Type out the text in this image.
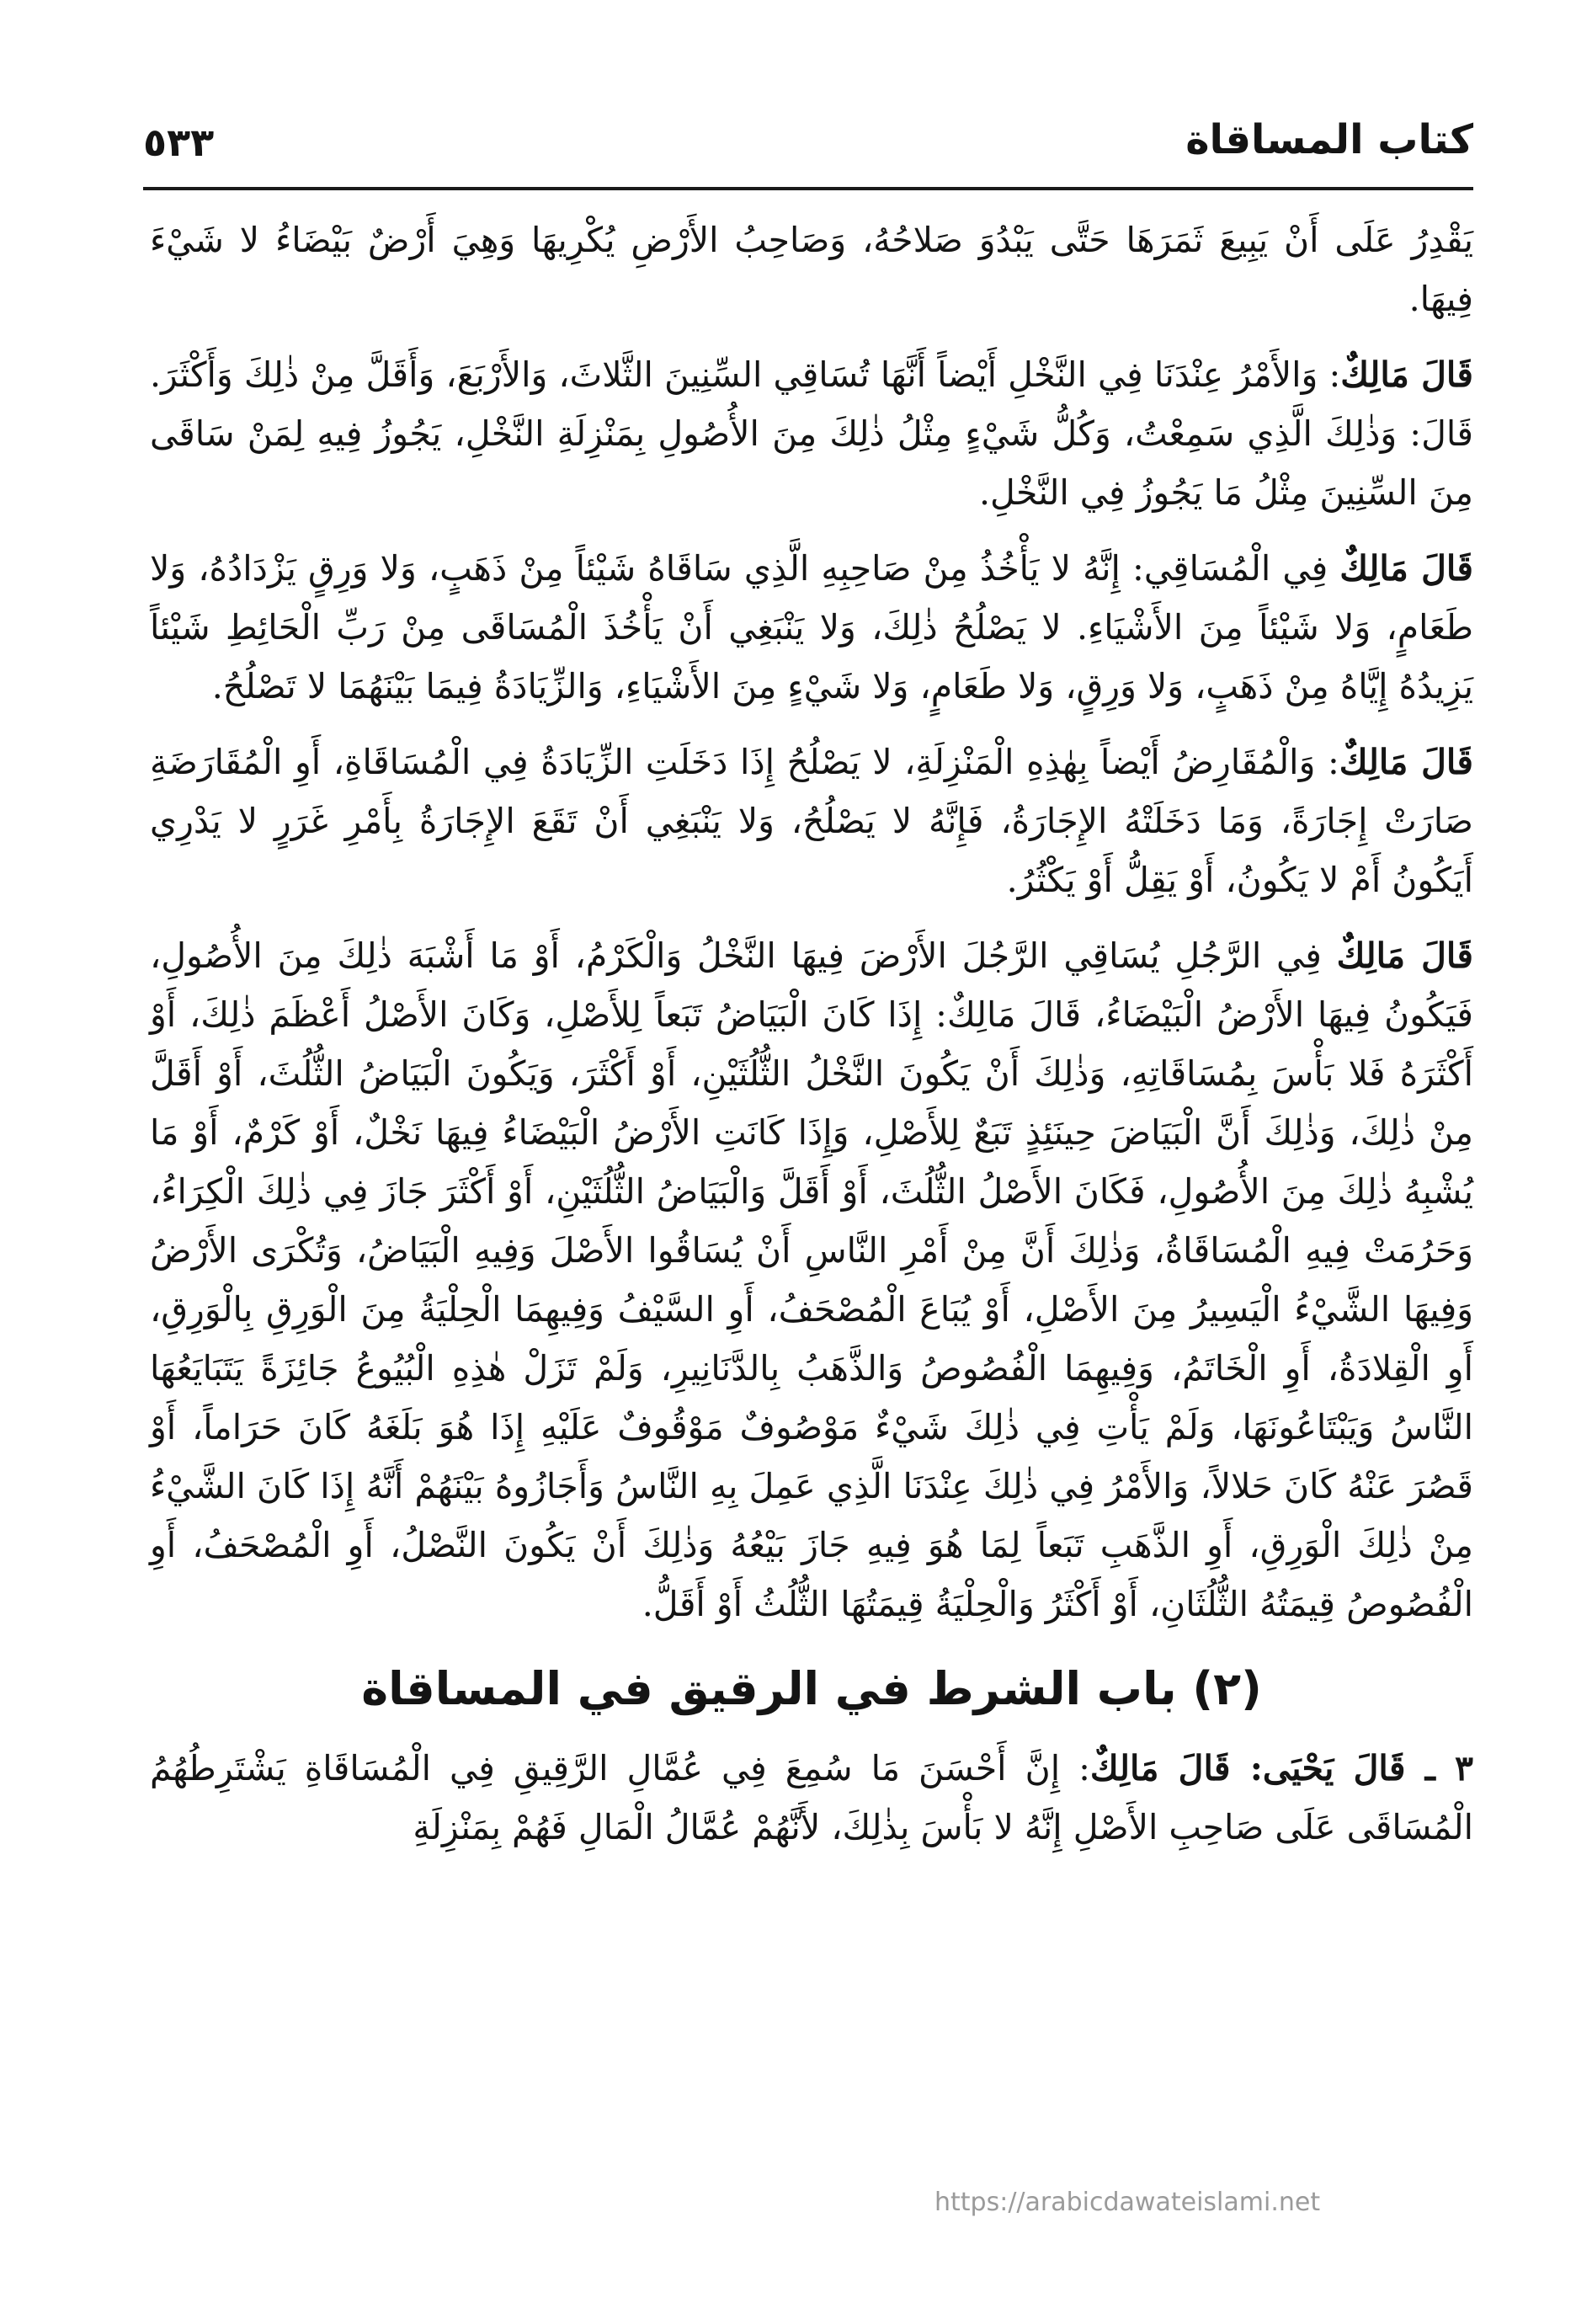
كتاب المساقاة
٥٣٣

يَقْدِرُ عَلَى أَنْ يَبِيعَ ثَمَرَهَا حَتَّى يَبْدُوَ صَلاحُهُ، وَصَاحِبُ الأَرْضِ يُكْرِيهَا وَهِيَ أَرْضٌ بَيْضَاءُ لا شَيْءَ فِيهَا.

قَالَ مَالِكٌ: وَالأَمْرُ عِنْدَنَا فِي النَّخْلِ أَيْضاً أَنَّهَا تُسَاقِي السِّنِينَ الثَّلاثَ، وَالأَرْبَعَ، وَأَقَلَّ مِنْ ذٰلِكَ وَأَكْثَرَ. قَالَ: وَذٰلِكَ الَّذِي سَمِعْتُ، وَكُلُّ شَيْءٍ مِثْلُ ذٰلِكَ مِنَ الأُصُولِ بِمَنْزِلَةِ النَّخْلِ، يَجُوزُ فِيهِ لِمَنْ سَاقَى مِنَ السِّنِينَ مِثْلُ مَا يَجُوزُ فِي النَّخْلِ.

قَالَ مَالِكٌ فِي الْمُسَاقِي: إِنَّهُ لا يَأْخُذُ مِنْ صَاحِبِهِ الَّذِي سَاقَاهُ شَيْئاً مِنْ ذَهَبٍ، وَلا وَرِقٍ يَزْدَادُهُ، وَلا طَعَامٍ، وَلا شَيْئاً مِنَ الأَشْيَاءِ. لا يَصْلُحُ ذٰلِكَ، وَلا يَنْبَغِي أَنْ يَأْخُذَ الْمُسَاقَى مِنْ رَبِّ الْحَائِطِ شَيْئاً يَزِيدُهُ إِيَّاهُ مِنْ ذَهَبٍ، وَلا وَرِقٍ، وَلا طَعَامٍ، وَلا شَيْءٍ مِنَ الأَشْيَاءِ، وَالزِّيَادَةُ فِيمَا بَيْنَهُمَا لا تَصْلُحُ.

قَالَ مَالِكٌ: وَالْمُقَارِضُ أَيْضاً بِهٰذِهِ الْمَنْزِلَةِ، لا يَصْلُحُ إِذَا دَخَلَتِ الزِّيَادَةُ فِي الْمُسَاقَاةِ، أَوِ الْمُقَارَضَةِ صَارَتْ إِجَارَةً، وَمَا دَخَلَتْهُ الإِجَارَةُ، فَإِنَّهُ لا يَصْلُحُ، وَلا يَنْبَغِي أَنْ تَقَعَ الإِجَارَةُ بِأَمْرِ غَرَرٍ لا يَدْرِي أَيَكُونُ أَمْ لا يَكُونُ، أَوْ يَقِلُّ أَوْ يَكْثُرُ.

قَالَ مَالِكٌ فِي الرَّجُلِ يُسَاقِي الرَّجُلَ الأَرْضَ فِيهَا النَّخْلُ وَالْكَرْمُ، أَوْ مَا أَشْبَهَ ذٰلِكَ مِنَ الأُصُولِ، فَيَكُونُ فِيهَا الأَرْضُ الْبَيْضَاءُ، قَالَ مَالِكٌ: إِذَا كَانَ الْبَيَاضُ تَبَعاً لِلأَصْلِ، وَكَانَ الأَصْلُ أَعْظَمَ ذٰلِكَ، أَوْ أَكْثَرَهُ فَلا بَأْسَ بِمُسَاقَاتِهِ، وَذٰلِكَ أَنْ يَكُونَ النَّخْلُ الثُّلُثَيْنِ، أَوْ أَكْثَرَ، وَيَكُونَ الْبَيَاضُ الثُّلُثَ، أَوْ أَقَلَّ مِنْ ذٰلِكَ، وَذٰلِكَ أَنَّ الْبَيَاضَ حِينَئِذٍ تَبَعٌ لِلأَصْلِ، وَإِذَا كَانَتِ الأَرْضُ الْبَيْضَاءُ فِيهَا نَخْلٌ، أَوْ كَرْمٌ، أَوْ مَا يُشْبِهُ ذٰلِكَ مِنَ الأُصُولِ، فَكَانَ الأَصْلُ الثُّلُثَ، أَوْ أَقَلَّ وَالْبَيَاضُ الثُّلُثَيْنِ، أَوْ أَكْثَرَ جَازَ فِي ذٰلِكَ الْكِرَاءُ، وَحَرُمَتْ فِيهِ الْمُسَاقَاةُ، وَذٰلِكَ أَنَّ مِنْ أَمْرِ النَّاسِ أَنْ يُسَاقُوا الأَصْلَ وَفِيهِ الْبَيَاضُ، وَتُكْرَى الأَرْضُ وَفِيهَا الشَّيْءُ الْيَسِيرُ مِنَ الأَصْلِ، أَوْ يُبَاعَ الْمُصْحَفُ، أَوِ السَّيْفُ وَفِيهِمَا الْحِلْيَةُ مِنَ الْوَرِقِ بِالْوَرِقِ، أَوِ الْقِلادَةُ، أَوِ الْخَاتَمُ، وَفِيهِمَا الْفُصُوصُ وَالذَّهَبُ بِالدَّنَانِيرِ، وَلَمْ تَزَلْ هٰذِهِ الْبُيُوعُ جَائِزَةً يَتَبَايَعُهَا النَّاسُ وَيَبْتَاعُونَهَا، وَلَمْ يَأْتِ فِي ذٰلِكَ شَيْءٌ مَوْصُوفٌ مَوْقُوفٌ عَلَيْهِ إِذَا هُوَ بَلَغَهُ كَانَ حَرَاماً، أَوْ قَصُرَ عَنْهُ كَانَ حَلالاً، وَالأَمْرُ فِي ذٰلِكَ عِنْدَنَا الَّذِي عَمِلَ بِهِ النَّاسُ وَأَجَازُوهُ بَيْنَهُمْ أَنَّهُ إِذَا كَانَ الشَّيْءُ مِنْ ذٰلِكَ الْوَرِقِ، أَوِ الذَّهَبِ تَبَعاً لِمَا هُوَ فِيهِ جَازَ بَيْعُهُ وَذٰلِكَ أَنْ يَكُونَ النَّصْلُ، أَوِ الْمُصْحَفُ، أَوِ الْفُصُوصُ قِيمَتُهُ الثُّلُثَانِ، أَوْ أَكْثَرُ وَالْحِلْيَةُ قِيمَتُهَا الثُّلُثُ أَوْ أَقَلُّ.

(٢) باب الشرط في الرقيق في المساقاة

٣ ـ قَالَ يَحْيَى: قَالَ مَالِكٌ: إِنَّ أَحْسَنَ مَا سُمِعَ فِي عُمَّالِ الرَّقِيقِ فِي الْمُسَاقَاةِ يَشْتَرِطُهُمُ الْمُسَاقَى عَلَى صَاحِبِ الأَصْلِ إِنَّهُ لا بَأْسَ بِذٰلِكَ، لأَنَّهُمْ عُمَّالُ الْمَالِ فَهُمْ بِمَنْزِلَةِ

https://arabicdawateislami.net
